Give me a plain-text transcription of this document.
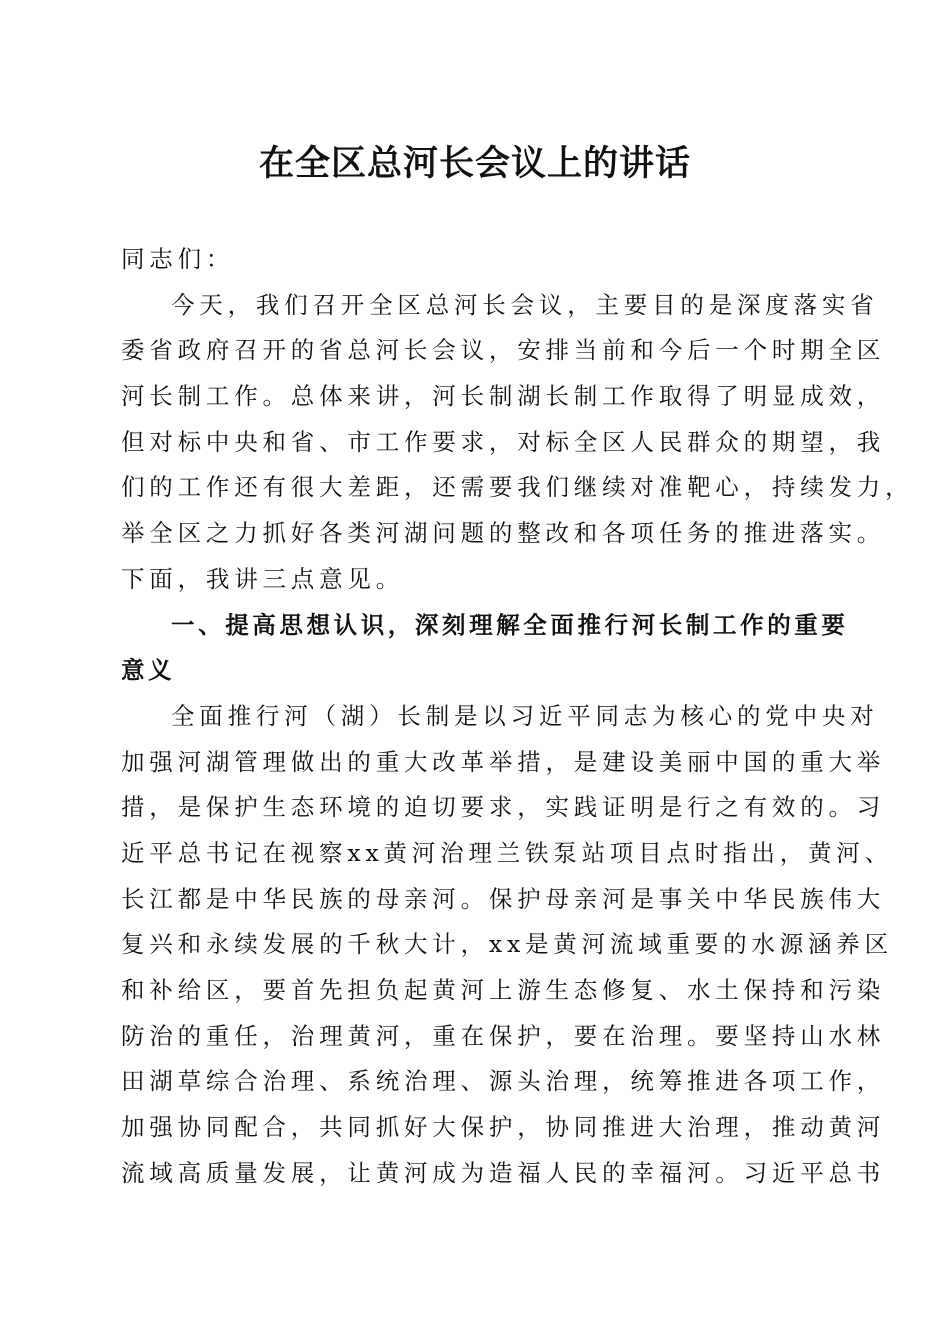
在全区总河长会议上的讲话
同志们：
今天，我们召开全区总河长会议，主要目的是深度落实省
委省政府召开的省总河长会议，安排当前和今后一个时期全区
河长制工作。总体来讲，河长制湖长制工作取得了明显成效，
但对标中央和省、市工作要求，对标全区人民群众的期望，我
们的工作还有很大差距，还需要我们继续对准靶心，持续发力，
举全区之力抓好各类河湖问题的整改和各项任务的推进落实。
下面，我讲三点意见。
一、提高思想认识，深刻理解全面推行河长制工作的重要
意义
全面推行河（湖）长制是以习近平同志为核心的党中央对
加强河湖管理做出的重大改革举措，是建设美丽中国的重大举
措，是保护生态环境的迫切要求，实践证明是行之有效的。习
近平总书记在视察xx黄河治理兰铁泵站项目点时指出，黄河、
长江都是中华民族的母亲河。保护母亲河是事关中华民族伟大
复兴和永续发展的千秋大计，xx是黄河流域重要的水源涵养区
和补给区，要首先担负起黄河上游生态修复、水土保持和污染
防治的重任，治理黄河，重在保护，要在治理。要坚持山水林
田湖草综合治理、系统治理、源头治理，统筹推进各项工作，
加强协同配合，共同抓好大保护，协同推进大治理，推动黄河
流域高质量发展，让黄河成为造福人民的幸福河。习近平总书
